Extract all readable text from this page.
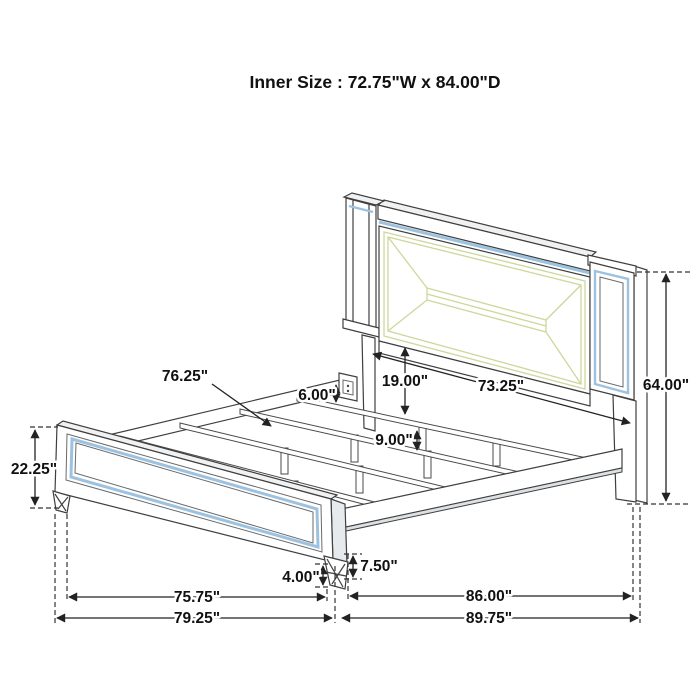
Inner Size : 72.75"W x 84.00"D
22.25"
76.25"
6.00"
19.00"	73.25"	64.00"
9.00"
4.00"
7.50"
75.75"	86.00"
79.25"	89.75"
